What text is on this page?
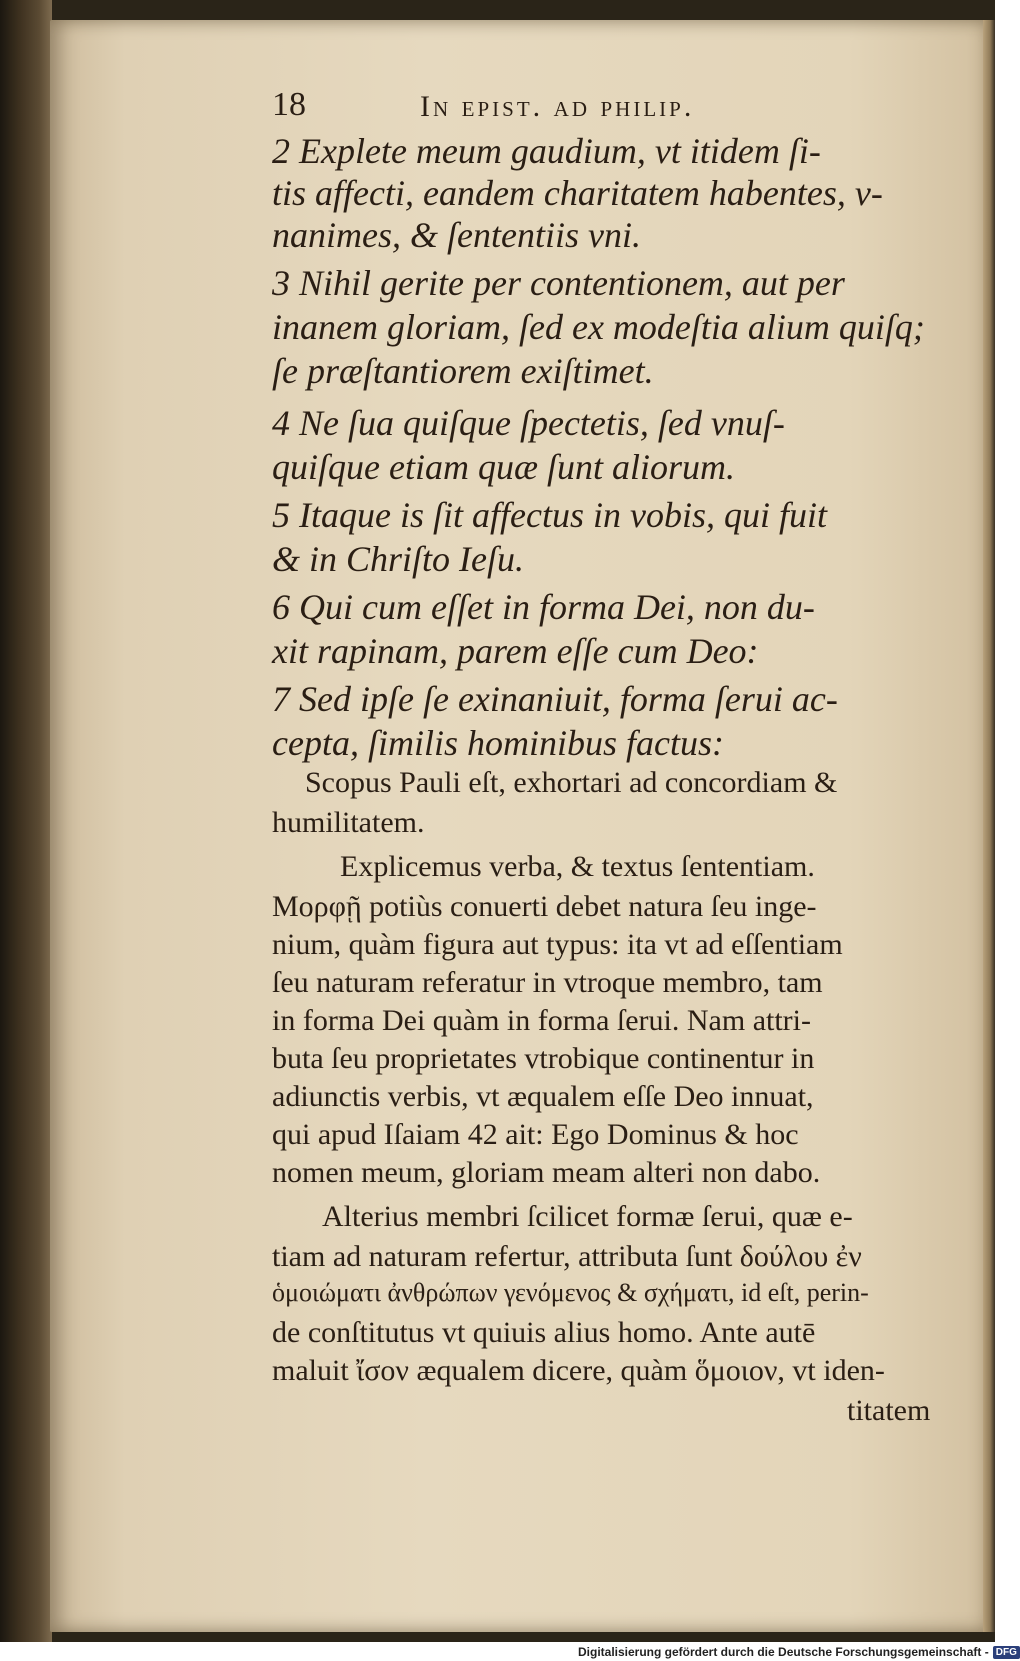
18	In epist. ad philip.
2 Explete meum gaudium, vt itidem ſi-
tis affecti, eandem charitatem habentes, v-
nanimes, & ſententiis vni.
3 Nihil gerite per contentionem, aut per
inanem gloriam, ſed ex modeſtia alium quiſq;
ſe præſtantiorem exiſtimet.
4 Ne ſua quiſque ſpectetis, ſed vnuſ-
quiſque etiam quæ ſunt aliorum.
5 Itaque is ſit affectus in vobis, qui fuit
& in Chriſto Ieſu.
6 Qui cum eſſet in forma Dei, non du-
xit rapinam, parem eſſe cum Deo:
7 Sed ipſe ſe exinaniuit, forma ſerui ac-
cepta, ſimilis hominibus factus:
Scopus Pauli eſt, exhortari ad concordiam &
humilitatem.
Explicemus verba, & textus ſententiam.
Μορφῇ potiùs conuerti debet natura ſeu inge-
nium, quàm figura aut typus: ita vt ad eſſentiam
ſeu naturam referatur in vtroque membro, tam
in forma Dei quàm in forma ſerui. Nam attri-
buta ſeu proprietates vtrobique continentur in
adiunctis verbis, vt æqualem eſſe Deo innuat,
qui apud Iſaiam 42 ait: Ego Dominus & hoc
nomen meum, gloriam meam alteri non dabo.
Alterius membri ſcilicet formæ ſerui, quæ e-
tiam ad naturam refertur, attributa ſunt δούλου ἐν
ὁμοιώματι ἀνθρώπων γενόμενος & σχήματι, id eſt, perin-
de conſtitutus vt quiuis alius homo. Ante autē
maluit ἴσον æqualem dicere, quàm ὅμοιον, vt iden-
titatem
Digitalisierung gefördert durch die Deutsche Forschungsgemeinschaft - DFG
